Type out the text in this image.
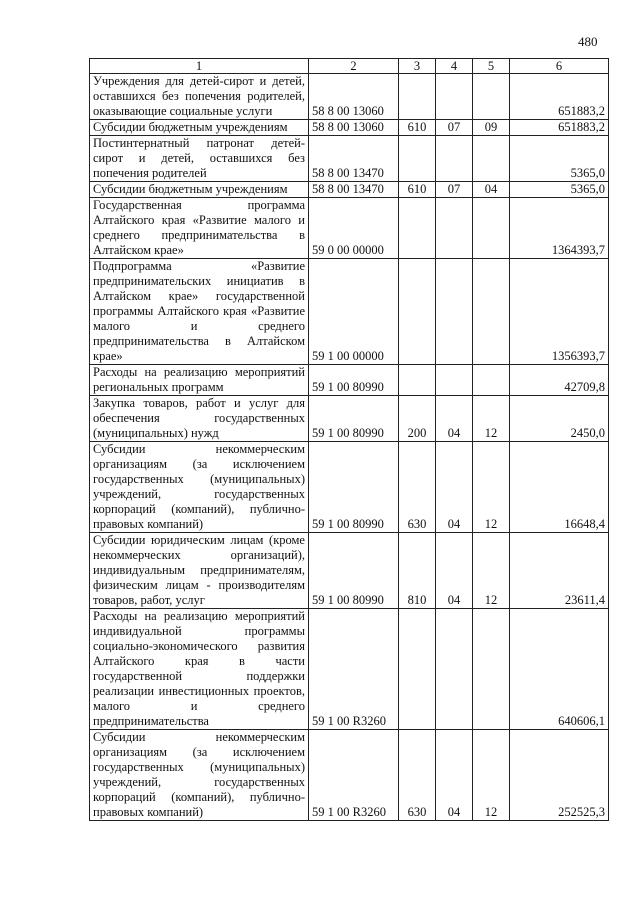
480
1	2	3	4	5	6
Учреждения для детей-сирот и детей, оставшихся без попечения родителей, оказывающие социальные услуги	58 8 00 13060				651883,2
Субсидии бюджетным учреждениям	58 8 00 13060	610	07	09	651883,2
Постинтернатный патронат детей-сирот и детей, оставшихся без попечения родителей	58 8 00 13470				5365,0
Субсидии бюджетным учреждениям	58 8 00 13470	610	07	04	5365,0
Государственная программа Алтайского края «Развитие малого и среднего предпринимательства в Алтайском крае»	59 0 00 00000				1364393,7
Подпрограмма «Развитие предпринимательских инициатив в Алтайском крае» государственной программы Алтайского края «Развитие малого и среднего предпринимательства в Алтайском крае»	59 1 00 00000				1356393,7
Расходы на реализацию мероприятий региональных программ	59 1 00 80990				42709,8
Закупка товаров, работ и услуг для обеспечения государственных (муниципальных) нужд	59 1 00 80990	200	04	12	2450,0
Субсидии некоммерческим организациям (за исключением государственных (муниципальных) учреждений, государственных корпораций (компаний), публично-правовых компаний)	59 1 00 80990	630	04	12	16648,4
Субсидии юридическим лицам (кроме некоммерческих организаций), индивидуальным предпринимателям, физическим лицам - производителям товаров, работ, услуг	59 1 00 80990	810	04	12	23611,4
Расходы на реализацию мероприятий индивидуальной программы социально-экономического развития Алтайского края в части государственной поддержки реализации инвестиционных проектов, малого и среднего предпринимательства	59 1 00 R3260				640606,1
Субсидии некоммерческим организациям (за исключением государственных (муниципальных) учреждений, государственных корпораций (компаний), публично-правовых компаний)	59 1 00 R3260	630	04	12	252525,3
